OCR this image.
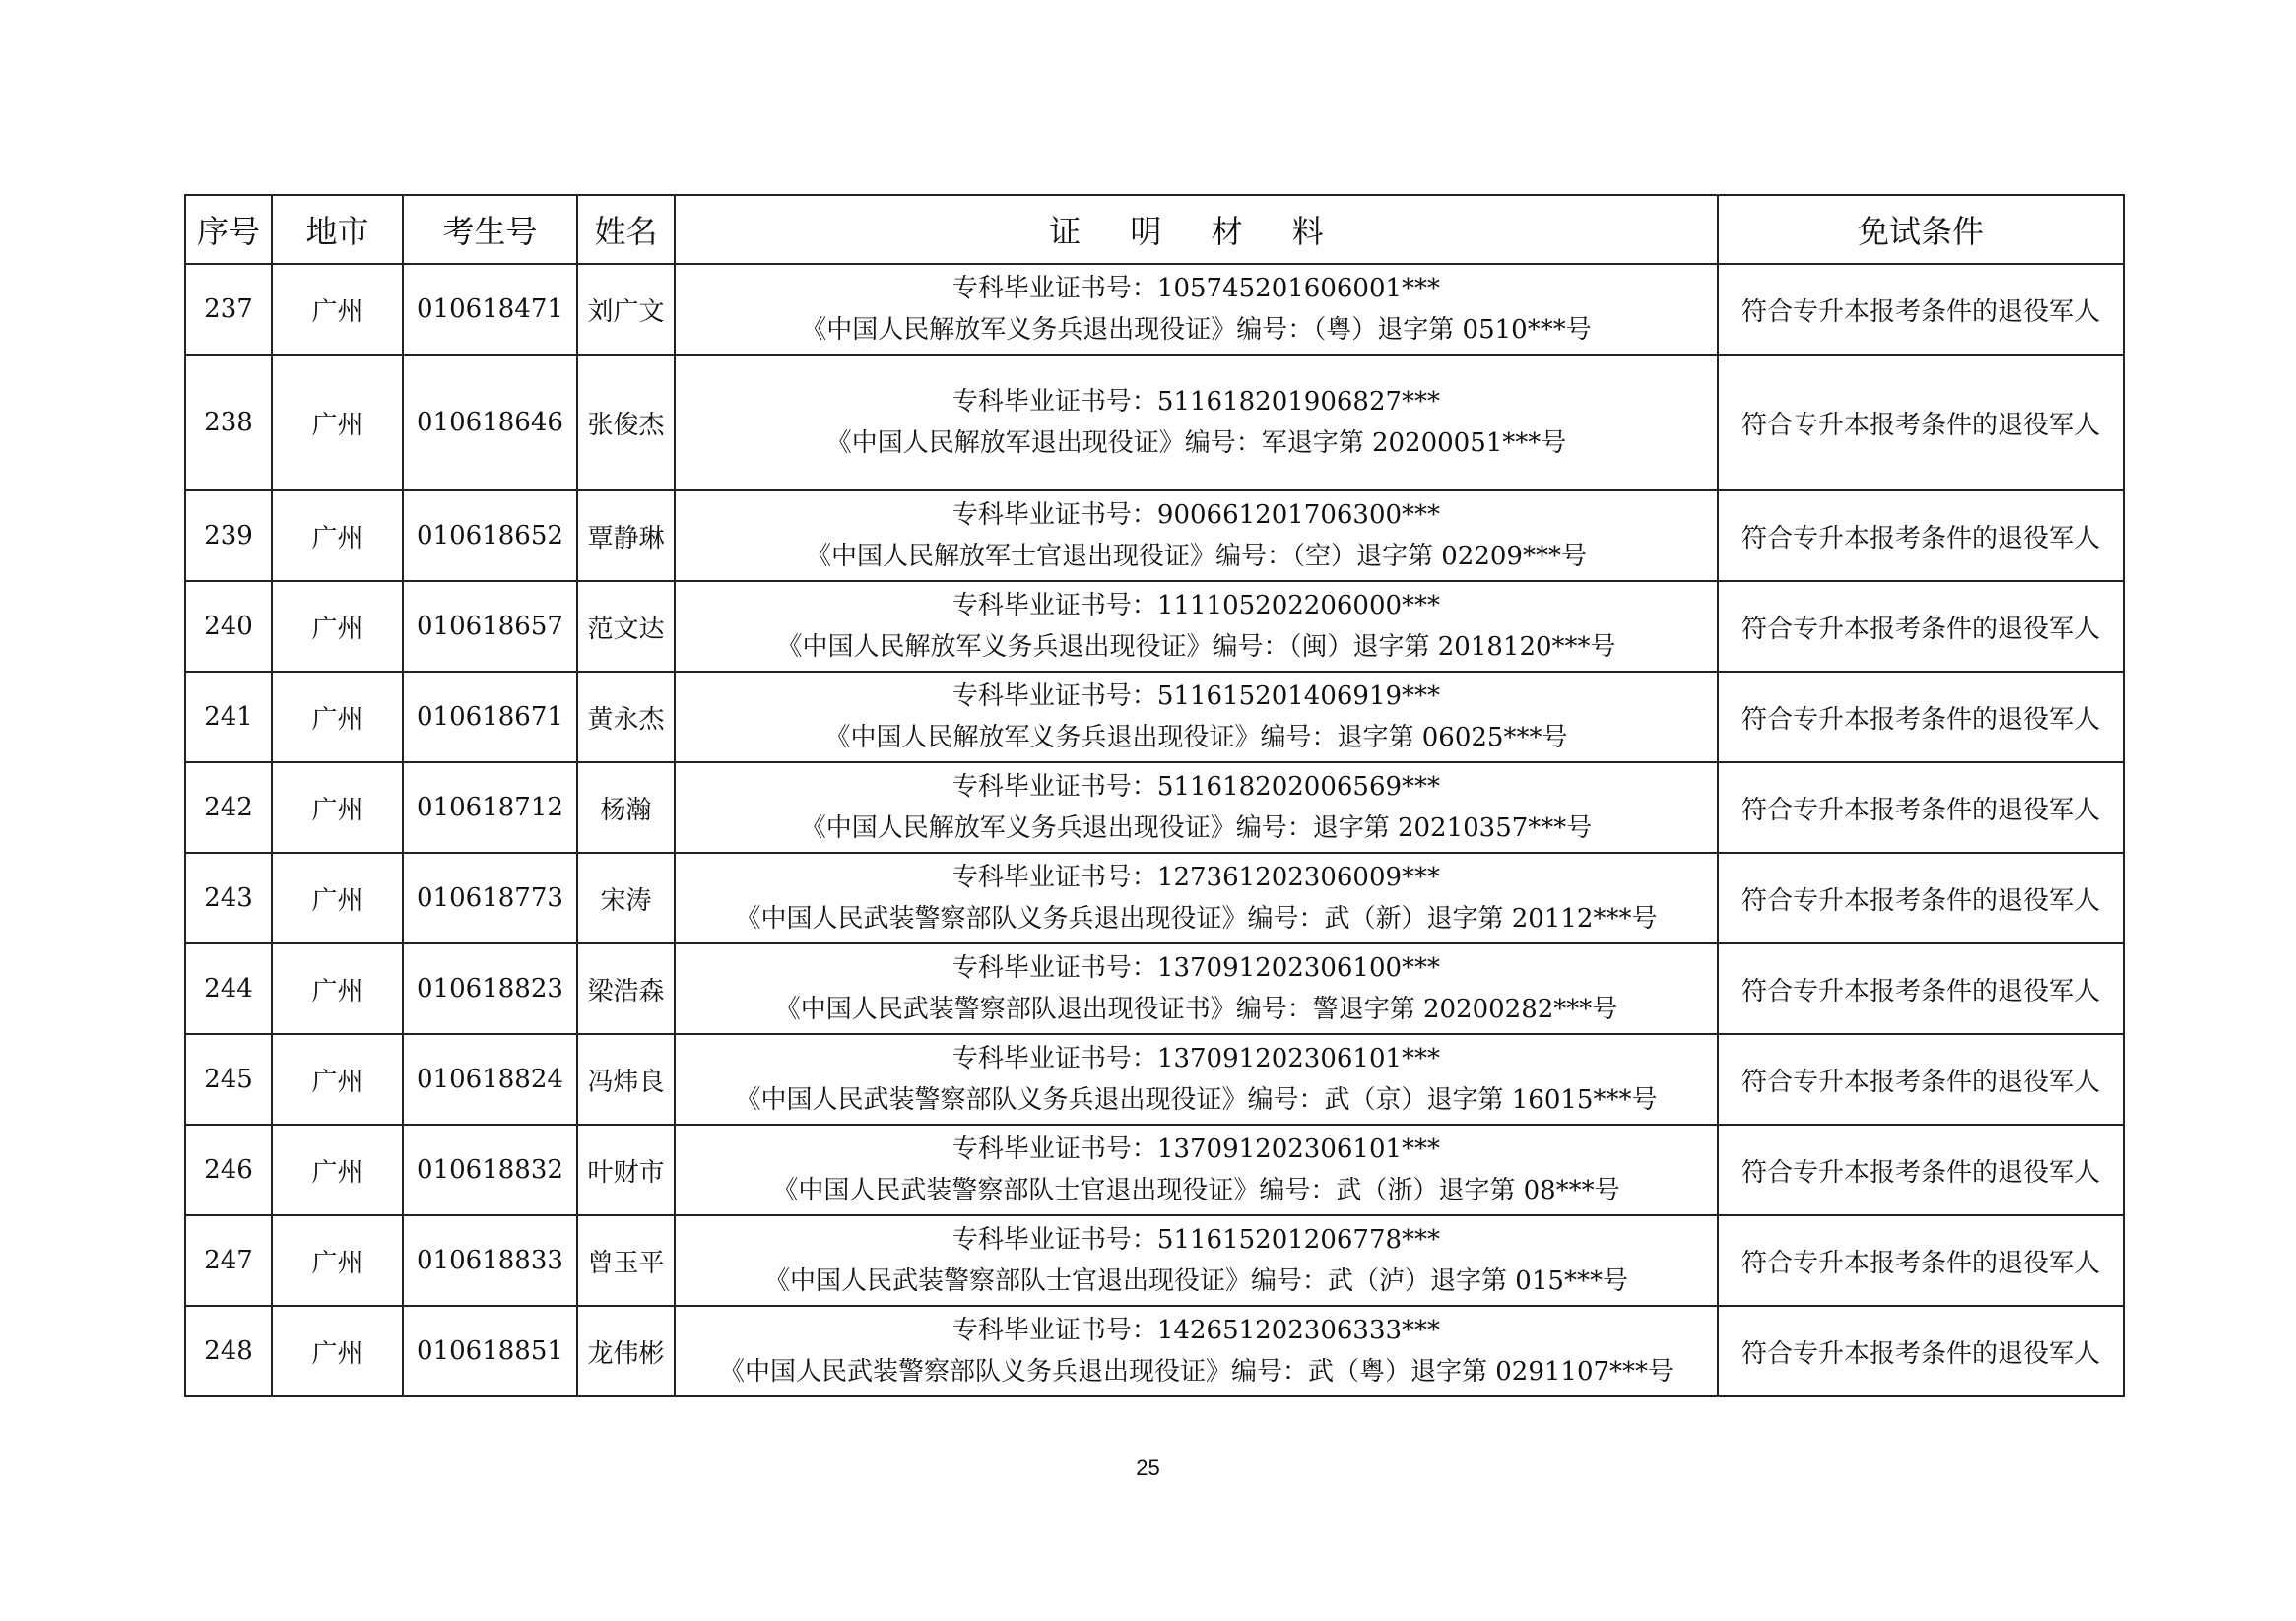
序号	地市	考生号	姓名	证 明 材 料	免试条件
237	广州	010618471	刘广文	专科毕业证书号：105745201606001***
《中国人民解放军义务兵退出现役证》编号：（粤）退字第 0510***号	符合专升本报考条件的退役军人
238	广州	010618646	张俊杰	专科毕业证书号：511618201906827***
《中国人民解放军退出现役证》编号：军退字第 20200051***号	符合专升本报考条件的退役军人
239	广州	010618652	覃静琳	专科毕业证书号：900661201706300***
《中国人民解放军士官退出现役证》编号：（空）退字第 02209***号	符合专升本报考条件的退役军人
240	广州	010618657	范文达	专科毕业证书号：111105202206000***
《中国人民解放军义务兵退出现役证》编号：（闽）退字第 2018120***号	符合专升本报考条件的退役军人
241	广州	010618671	黄永杰	专科毕业证书号：511615201406919***
《中国人民解放军义务兵退出现役证》编号：退字第 06025***号	符合专升本报考条件的退役军人
242	广州	010618712	杨瀚	专科毕业证书号：511618202006569***
《中国人民解放军义务兵退出现役证》编号：退字第 20210357***号	符合专升本报考条件的退役军人
243	广州	010618773	宋涛	专科毕业证书号：127361202306009***
《中国人民武装警察部队义务兵退出现役证》编号：武（新）退字第 20112***号	符合专升本报考条件的退役军人
244	广州	010618823	梁浩森	专科毕业证书号：137091202306100***
《中国人民武装警察部队退出现役证书》编号：警退字第 20200282***号	符合专升本报考条件的退役军人
245	广州	010618824	冯炜良	专科毕业证书号：137091202306101***
《中国人民武装警察部队义务兵退出现役证》编号：武（京）退字第 16015***号	符合专升本报考条件的退役军人
246	广州	010618832	叶财市	专科毕业证书号：137091202306101***
《中国人民武装警察部队士官退出现役证》编号：武（浙）退字第 08***号	符合专升本报考条件的退役军人
247	广州	010618833	曾玉平	专科毕业证书号：511615201206778***
《中国人民武装警察部队士官退出现役证》编号：武（泸）退字第 015***号	符合专升本报考条件的退役军人
248	广州	010618851	龙伟彬	专科毕业证书号：142651202306333***
《中国人民武装警察部队义务兵退出现役证》编号：武（粤）退字第 0291107***号	符合专升本报考条件的退役军人
25
